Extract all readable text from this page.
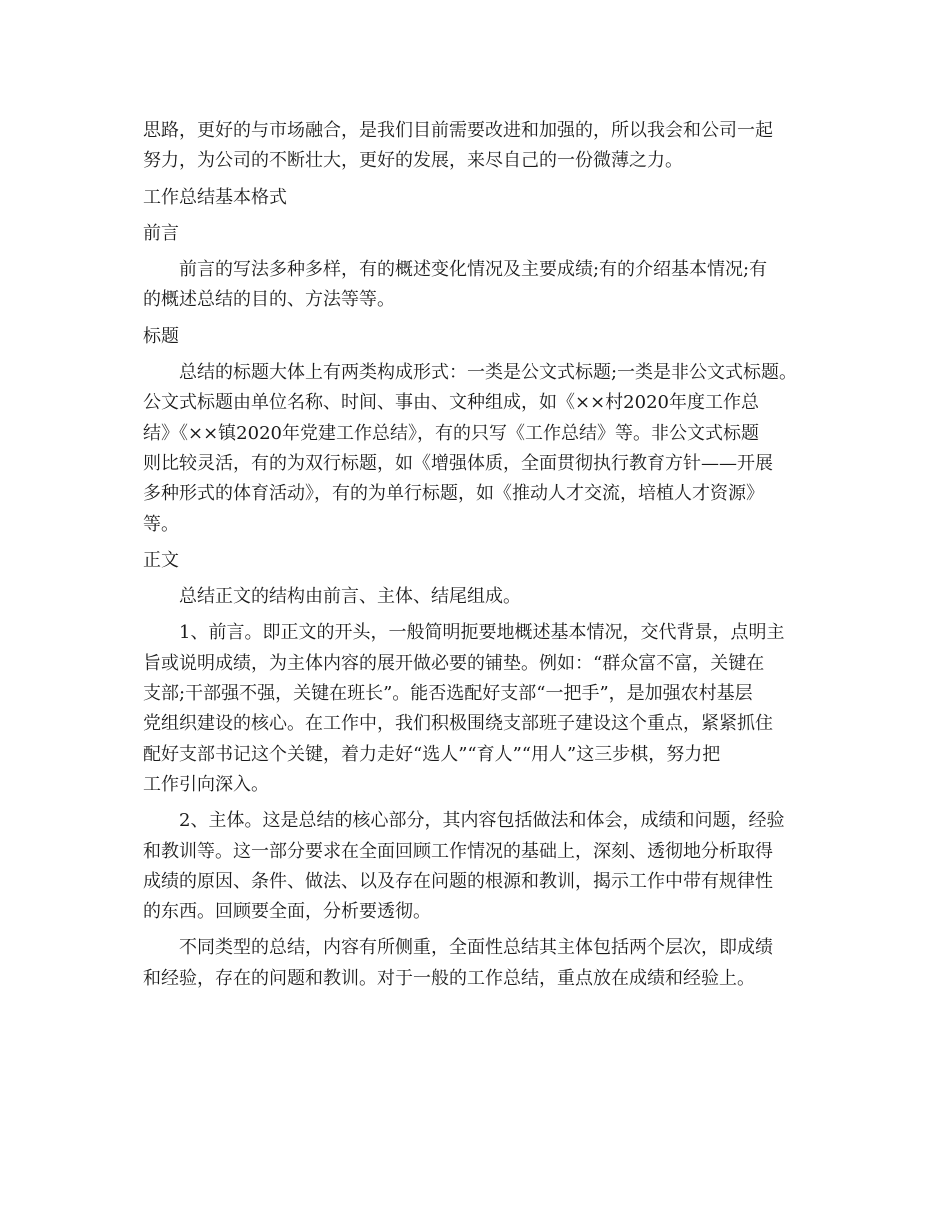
思路，更好的与市场融合，是我们目前需要改进和加强的，所以我会和公司一起
努力，为公司的不断壮大，更好的发展，来尽自己的一份微薄之力。

工作总结基本格式

前言

前言的写法多种多样，有的概述变化情况及主要成绩;有的介绍基本情况;有
的概述总结的目的、方法等等。

标题

总结的标题大体上有两类构成形式：一类是公文式标题;一类是非公文式标题。
公文式标题由单位名称、时间、事由、文种组成，如《××村2020年度工作总
结》《××镇2020年党建工作总结》，有的只写《工作总结》等。非公文式标题
则比较灵活，有的为双行标题，如《增强体质，全面贯彻执行教育方针——开展
多种形式的体育活动》，有的为单行标题，如《推动人才交流，培植人才资源》
等。

正文

总结正文的结构由前言、主体、结尾组成。

1、前言。即正文的开头，一般简明扼要地概述基本情况，交代背景，点明主
旨或说明成绩，为主体内容的展开做必要的铺垫。例如：“群众富不富，关键在
支部;干部强不强，关键在班长”。能否选配好支部“一把手”，是加强农村基层
党组织建设的核心。在工作中，我们积极围绕支部班子建设这个重点，紧紧抓住
配好支部书记这个关键，着力走好“选人”“育人”“用人”这三步棋，努力把
工作引向深入。

2、主体。这是总结的核心部分，其内容包括做法和体会，成绩和问题，经验
和教训等。这一部分要求在全面回顾工作情况的基础上，深刻、透彻地分析取得
成绩的原因、条件、做法、以及存在问题的根源和教训，揭示工作中带有规律性
的东西。回顾要全面，分析要透彻。

不同类型的总结，内容有所侧重，全面性总结其主体包括两个层次，即成绩
和经验，存在的问题和教训。对于一般的工作总结，重点放在成绩和经验上。
